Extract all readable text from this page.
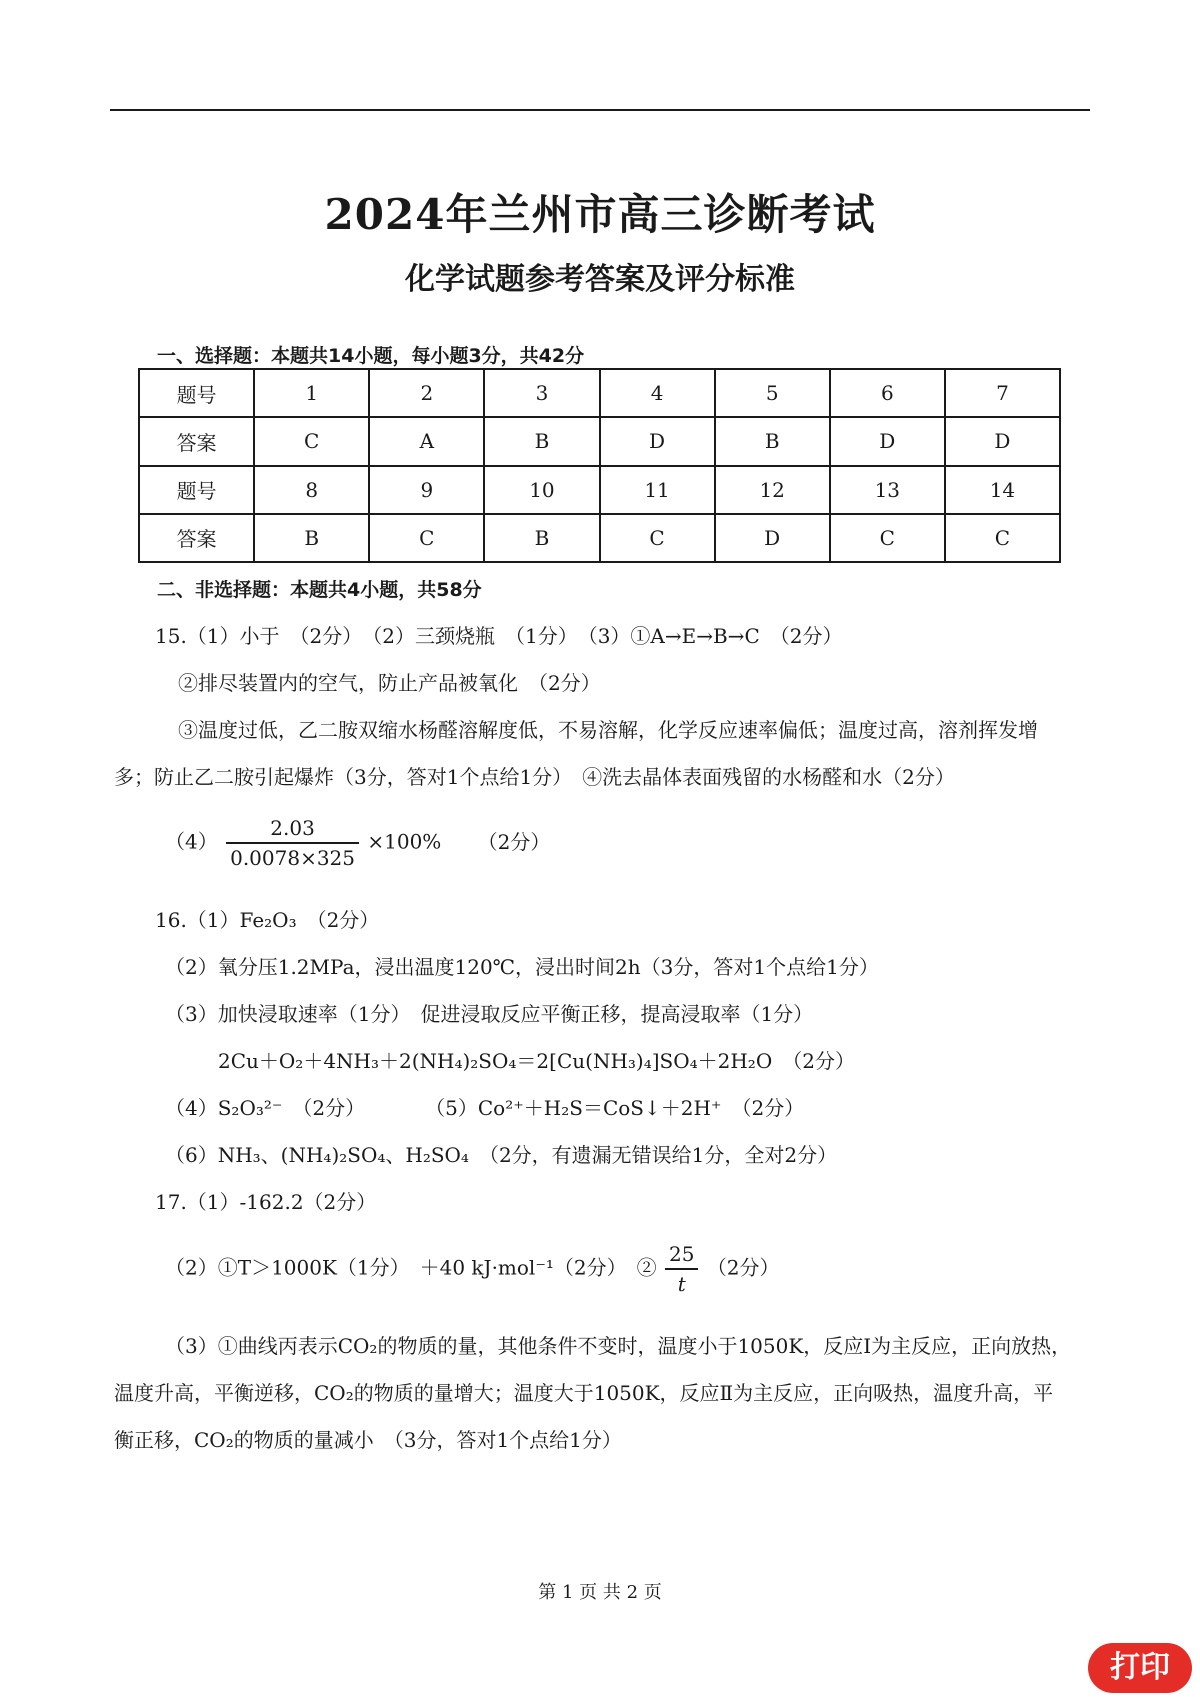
2024年兰州市高三诊断考试
化学试题参考答案及评分标准
一、选择题：本题共14小题，每小题3分，共42分
题号	1	2	3	4	5	6	7
答案	C	A	B	D	B	D	D
题号	8	9	10	11	12	13	14
答案	B	C	B	C	D	C	C
二、非选择题：本题共4小题，共58分
15.（1）小于　（2分）　（2）三颈烧瓶　（1分）　（3）①A→E→B→C　（2分）
②排尽装置内的空气，防止产品被氧化　（2分）
③温度过低，乙二胺双缩水杨醛溶解度低，不易溶解，化学反应速率偏低；温度过高，溶剂挥发增
多；防止乙二胺引起爆炸（3分，答对1个点给1分）　④洗去晶体表面残留的水杨醛和水（2分）
$(4) \frac{2.03}{0.0078\times 325} \times 100\%$ （2分）
16.（1）Fe₂O₃　（2分）
（2）氧分压1.2MPa，浸出温度120℃，浸出时间2h（3分，答对1个点给1分）
（3）加快浸取速率（1分）　促进浸取反应平衡正移，提高浸取率（1分）
2Cu＋O₂＋4NH₃＋2(NH₄)₂SO₄＝2[Cu(NH₃)₄]SO₄＋2H₂O　（2分）
（4）S₂O₃²⁻　（2分）　　　　（5）Co²⁺＋H₂S＝CoS↓＋2H⁺　（2分）
（6）NH₃、(NH₄)₂SO₄、H₂SO₄　（2分，有遗漏无错误给1分，全对2分）
17.（1）-162.2（2分）
（2）①T＞1000K（1分）　＋40 kJ·mol⁻¹（2分）　② $\frac{25}{t} (2$分）
（3）①曲线丙表示CO₂的物质的量，其他条件不变时，温度小于1050K，反应Ⅰ为主反应，正向放热，
温度升高，平衡逆移，CO₂的物质的量增大；温度大于1050K，反应Ⅱ为主反应，正向吸热，温度升高，平
衡正移，CO₂的物质的量减小　（3分，答对1个点给1分）
第 1 页 共 2 页
打印
